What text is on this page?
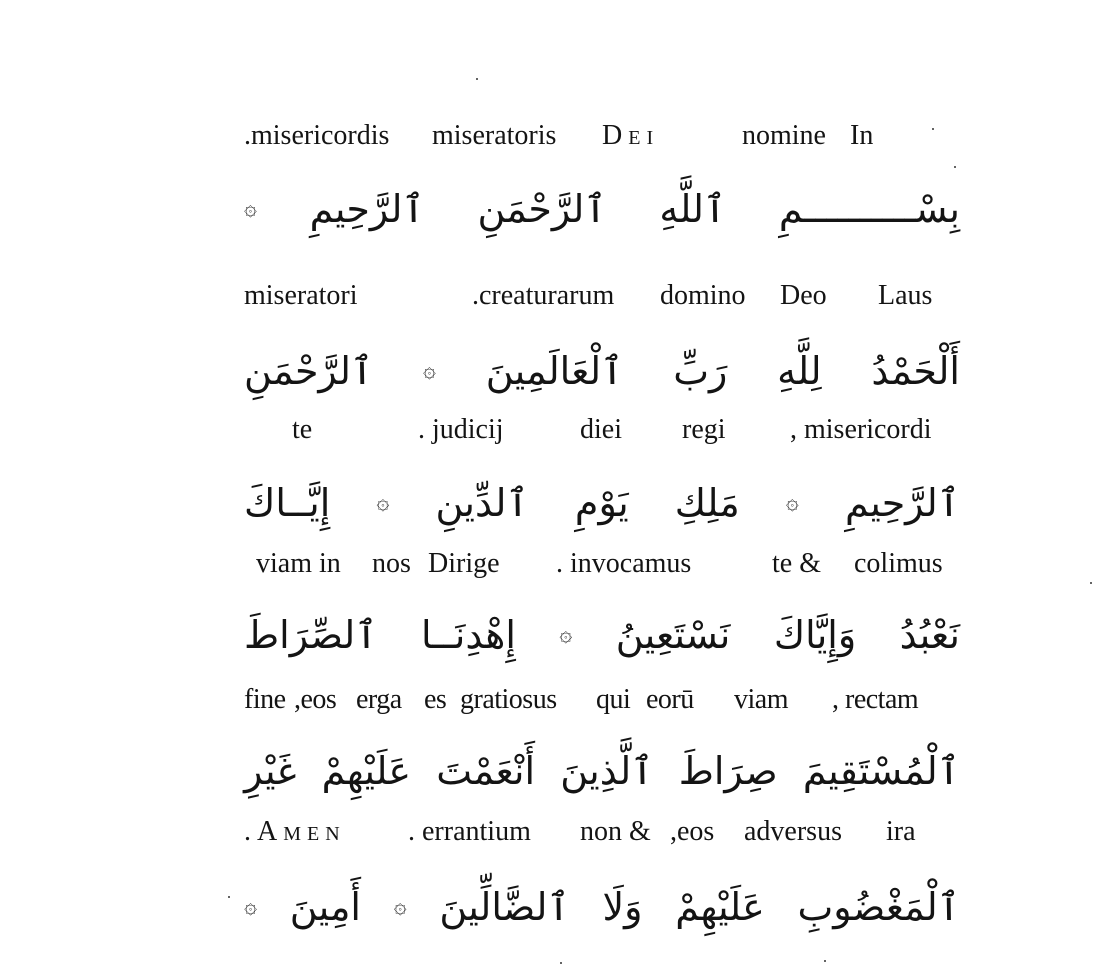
.misericordis miseratoris Dei	nomine In
بِسْــــــــــمِ
ٱللَّهِ
ٱلرَّحْمَنِ
ٱلرَّحِيمِ
۞
miseratori	.creaturarum domino Deo Laus
أَلْحَمْدُ
لِلَّهِ
رَبِّ
ٱلْعَالَمِينَ
۞
ٱلرَّحْمَنِ
te	. judicij	diei regi , misericordi
ٱلرَّحِيمِ
۞
مَلِكِ
يَوْمِ
ٱلدِّينِ
۞
إِيَّــاكَ
viam in nos Dirige . invocamus	te & colimus
نَعْبُدُ
وَإِيَّاكَ
نَسْتَعِينُ
۞
إِهْدِنَــا
ٱلصِّرَاطَ
fine ,eos erga es gratiosus qui eorū viam , rectam
ٱلْمُسْتَقِيمَ
صِرَاطَ
ٱلَّذِينَ
أَنْعَمْتَ
عَلَيْهِمْ
غَيْرِ
.Amen . errantium non & ,eos adversus ira
ٱلْمَغْضُوبِ
عَلَيْهِمْ
وَلَا
ٱلضَّالِّينَ
۞
أَمِينَ
۞
